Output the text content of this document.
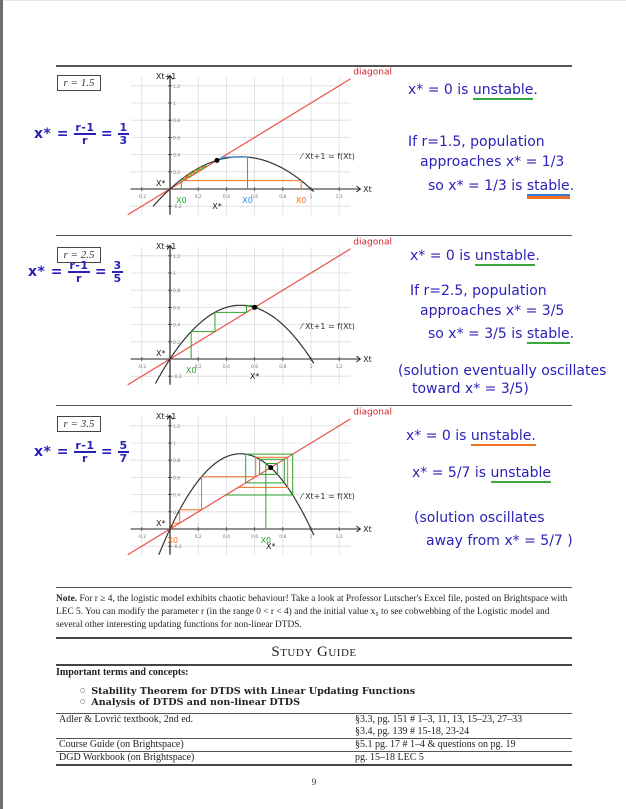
r = 1.5
$x* = \frac{r-1}{r} = \frac{1}{3}$
x* = 0 is unstable.
If r=1.5, population
approaches x* = 1/3
so x* = 1/3 is stable.
-0.2	0.2	0.4	0.6	0.8	1	1.2
1.2
1
0.8
0.6
0.4
0.2
-0.2
diagonal
⁄ Xt+1 = f(Xt)
X0	X0	X0
X*
X*
Xt+1
Xt
r = 2.5
$x* = \frac{r-1}{r} = \frac{3}{5}$
x* = 0 is unstable.
If r=2.5, population
approaches x* = 3/5
so x* = 3/5 is stable.
(solution eventually oscillates
toward x* = 3/5)
-0.2	0.2	0.4	0.6	0.8	1	1.2
1.2
1
0.8
0.6
0.4
0.2
-0.2
diagonal
⁄ Xt+1 = f(Xt)
X0
X*
X*
Xt+1
Xt
r = 3.5
$x* = \frac{r-1}{r} = \frac{5}{7}$
x* = 0 is unstable.
x* = 5/7 is unstable
(solution oscillates
away from x* = 5/7 )
-0.2	0.2	0.4	0.6	0.8	1	1.2
1.2
1
0.8
0.6
0.4
0.2
-0.2
diagonal
⁄ Xt+1 = f(Xt)
X0	X0
X*
X*
Xt+1
Xt
Note. For r ≥ 4, the logistic model exhibits chaotic behaviour! Take a look at Professor Lutscher's Excel file, posted on Brightspace with LEC 5. You can modify the parameter r (in the range 0 < r < 4) and the initial value x₀ to see cobwebbing of the Logistic model and several other interesting updating functions for non-linear DTDS.
Study Guide
Important terms and concepts:
○ Stability Theorem for DTDS with Linear Updating Functions
○ Analysis of DTDS and non-linear DTDS
Adler & Lovrić textbook, 2nd ed.	§3.3, pg. 151 # 1–3, 11, 13, 15–23, 27–33
	§3.4, pg. 139 # 15-18, 23-24
Course Guide (on Brightspace)	§5.1 pg. 17 # 1–4 & questions on pg. 19
DGD Workbook (on Brightspace)	pg. 15–18 LEC 5
9
